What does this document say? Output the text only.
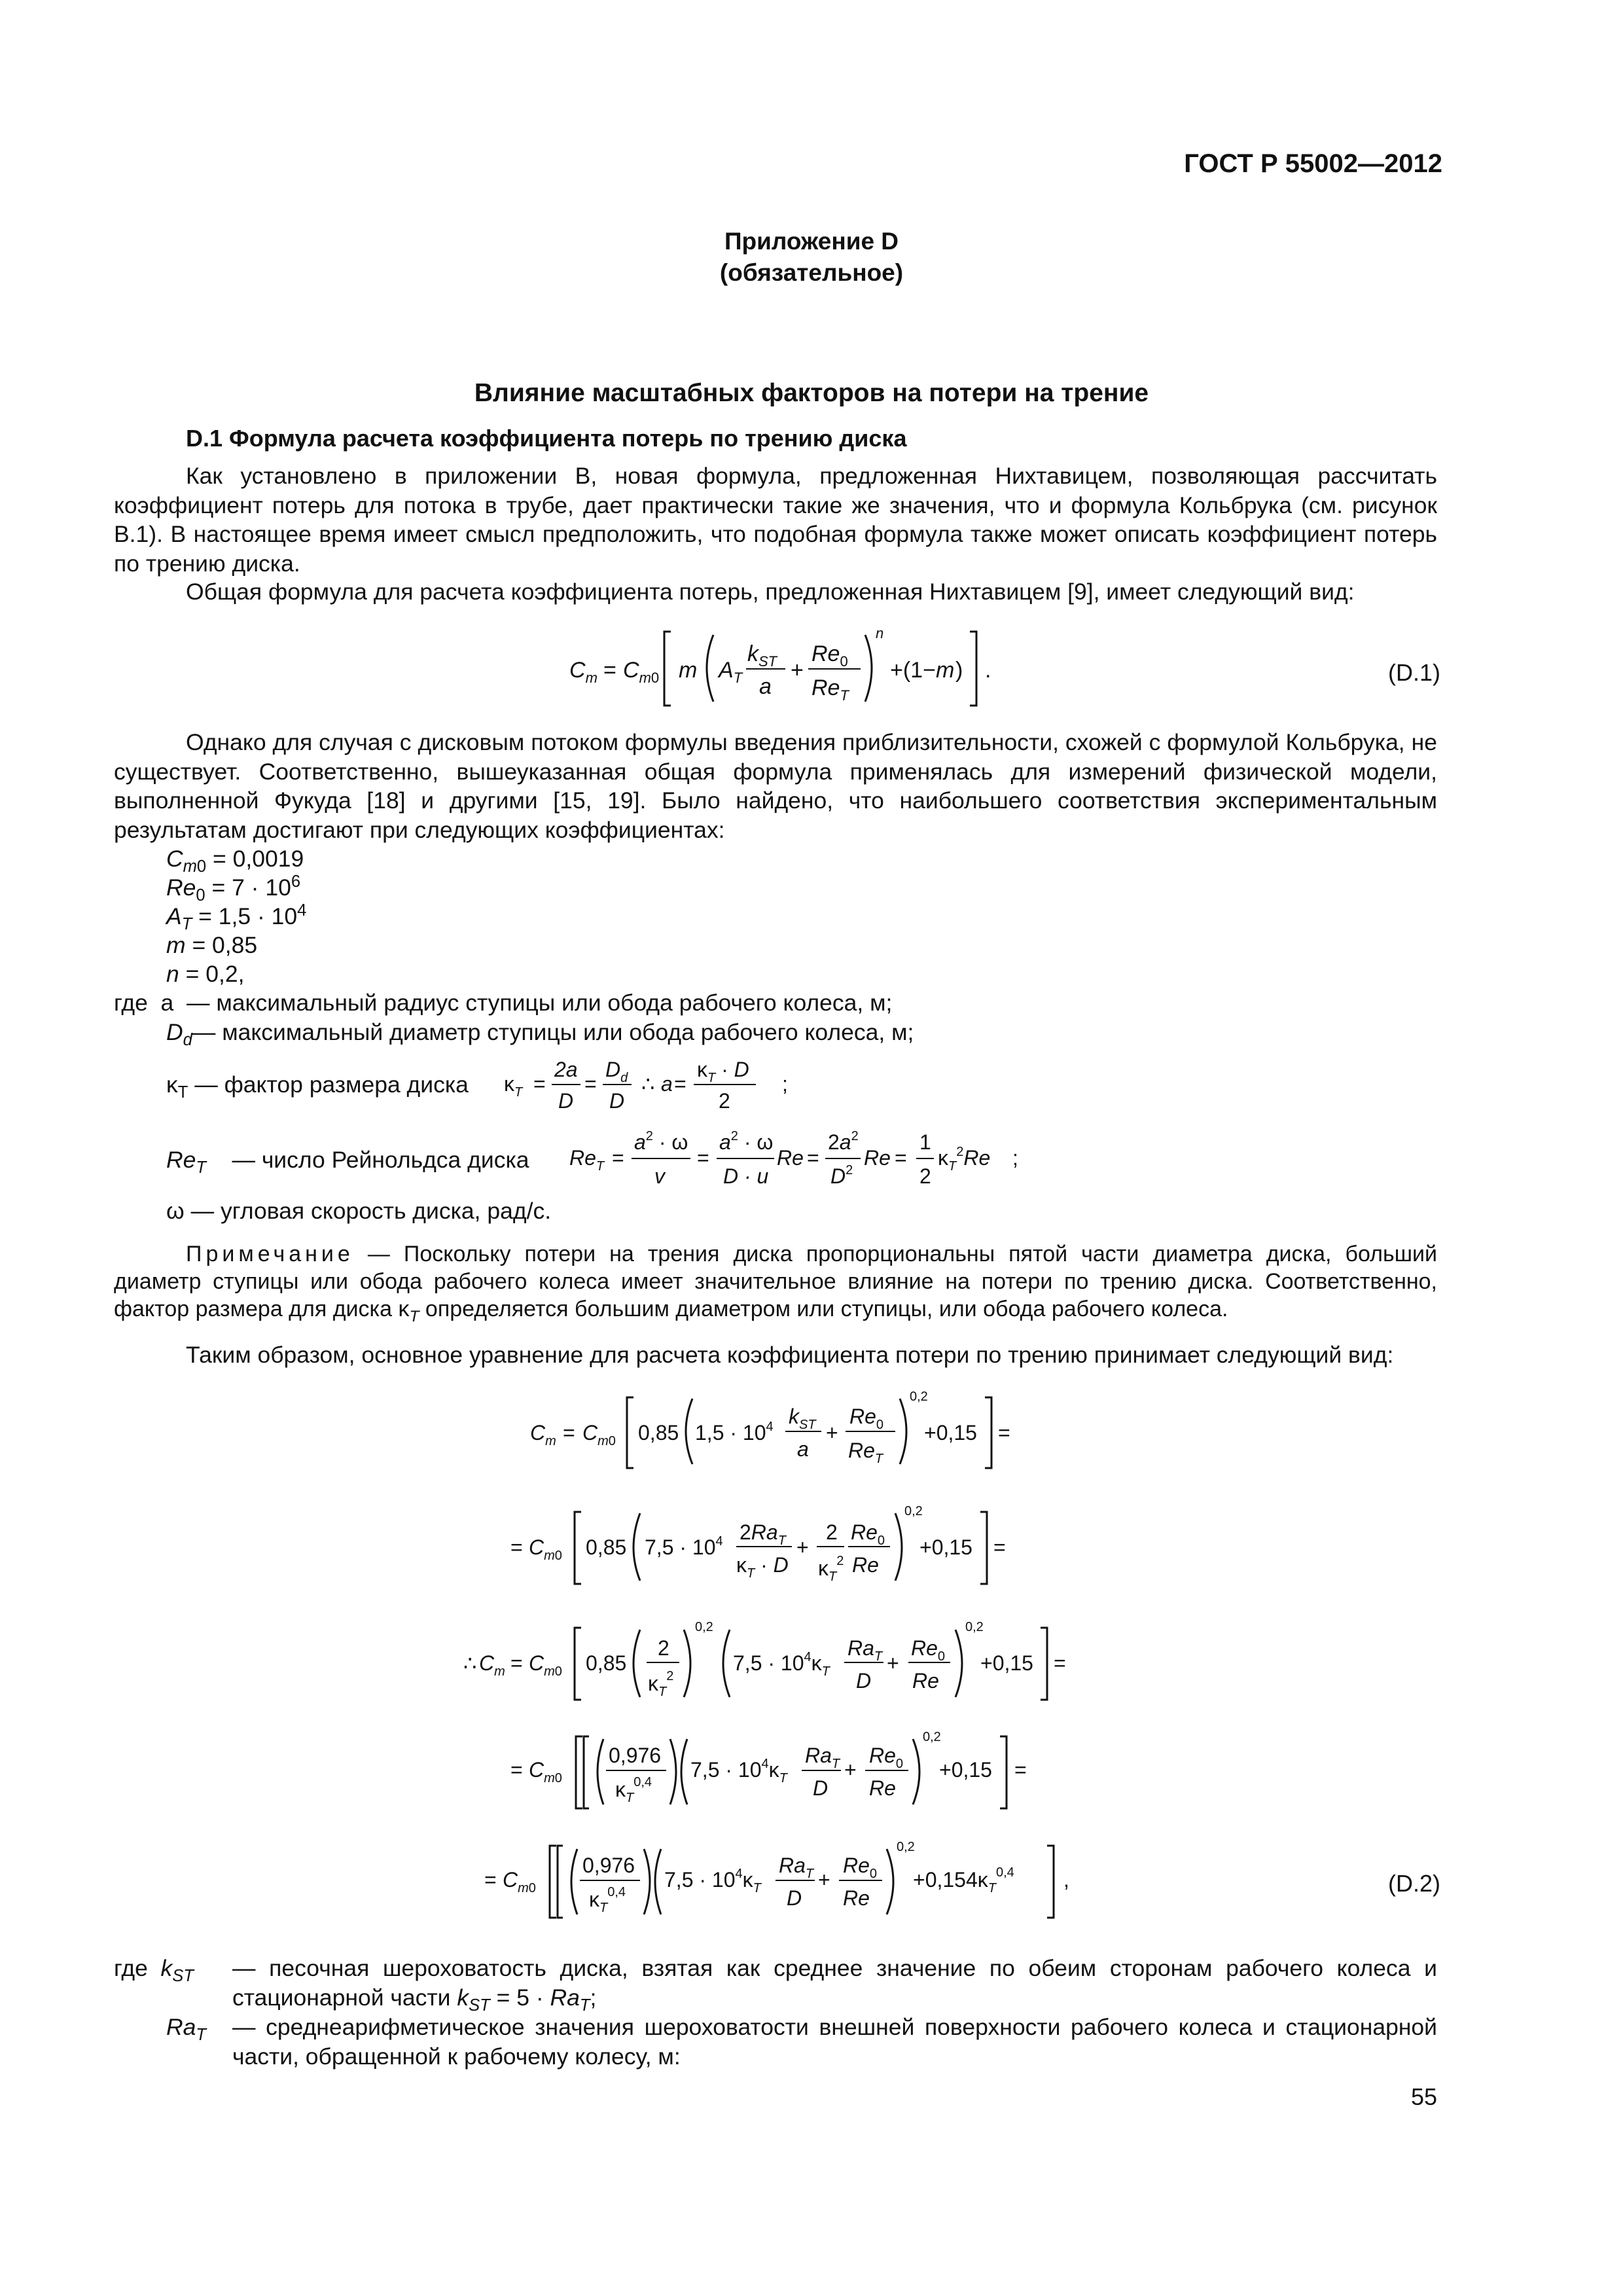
ГОСТ Р 55002—2012
Приложение D
(обязательное)
Влияние масштабных факторов на потери на трение
D.1 Формула расчета коэффициента потерь по трению диска
Как установлено в приложении B, новая формула, предложенная Нихтавицем, позволяющая рассчитать коэффициент потерь для потока в трубе, дает практически такие же значения, что и формула Кольбрука (см. рисунок B.1). В настоящее время имеет смысл предположить, что подобная формула также может описать коэффициент потерь по трению диска.
Общая формула для расчета коэффициента потерь, предложенная Нихтавицем [9], имеет следующий вид:
$C_m = C_m0$ m $A_T$
$k_{ST}$
a
+
$Re_0$
$Re_T$
n
+(1− m ) .	(D.1)
Однако для случая с дисковым потоком формулы введения приблизительности, схожей с формулой Кольбрука, не существует. Соответственно, вышеуказанная общая формула применялась для измерений физической модели, выполненной Фукуда [18] и другими [15, 19]. Было найдено, что наибольшего соответствия экспериментальным результатам достигают при следующих коэффициентах:
$C_{m0} = 0,0019$
$Re_0 = 7 \cdot 10^6$
$A_T = 1,5 \cdot 10^4$
m = 0,85
n = 0,2,
где a — максимальный радиус ступицы или обода рабочего колеса, м;
$D_d—$ максимальный диаметр ступицы или обода рабочего колеса, м;
$\kappa_T$ — фактор размера диска $\kappa_T$ =
2a
D
=
$D_d$
D
∴ a =
$\kappa_T \cdot D$
2
;
$Re_T$ — число Рейнольдса диска $Re_T$ =
$a^2 \cdot \omega$
v
=
$a^2 \cdot \omega$
D · u
Re =
$2a^2$
$D^2$
Re =
1
2
$\kappa_T^2Re$ ;
ω — угловая скорость диска, рад/с.
Примечание — Поскольку потери на трения диска пропорциональны пятой части диаметра диска, больший диаметр ступицы или обода рабочего колеса имеет значительное влияние на потери по трению диска. Соответственно, фактор размера для диска $\kappa_T$ определяется большим диаметром или ступицы, или обода рабочего колеса.
Таким образом, основное уравнение для расчета коэффициента потери по трению принимает следующий вид:
$C_m = C_m0$ 0,85 $1,5 \cdot 10^4$ $k_{ST}$
a
+
$Re_0$
$Re_T$
0,2
+0,15 =
= $C_m0$ 0,85 $7,5 \cdot 10^4$ $2Ra_T$
$\kappa_T \cdot D$
+
2
$\kappa_T^2$
$Re_0$
Re
0,2
+0,15 =
∴ $C_m = C_m0$ 0,85
2
$\kappa_T^2$
0,2
$7,5 \cdot 10^4\kappa_T$
$Ra_T$
D
+
$Re_0$
Re
0,2
+0,15 =
= $C_m0$
0,976
$\kappa_T^{0,4}$
$7,5 \cdot 10^4\kappa_T$
$Ra_T$
D
+
$Re_0$
Re
0,2
+0,15 =
= $C_m0$
0,976
$\kappa_T^{0,4}$
$7,5 \cdot 10^4\kappa_T$
$Ra_T$
D
+
$Re_0$
Re
0,2
$+0,154\kappa_T^{0,4}$ ,	(D.2)
где $k_{ST}$	— песочная шероховатость диска, взятая как среднее значение по обеим сторонам рабочего колеса и стационарной части $k_{ST} = 5 \cdot Ra_T$;
$Ra_T$ — среднеарифметическое значения шероховатости внешней поверхности рабочего колеса и стационарной части, обращенной к рабочему колесу, м:
55
